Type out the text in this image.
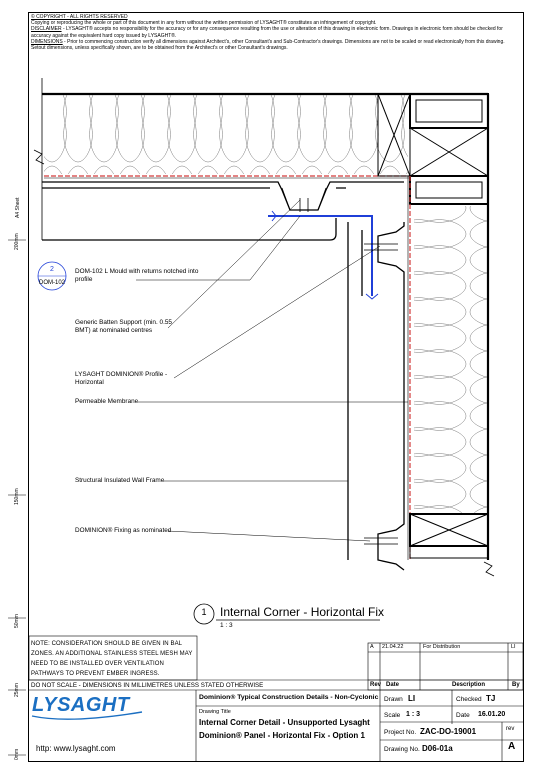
© COPYRIGHT - ALL RIGHTS RESERVED
Copying or reproducing the whole or part of this document in any form without the written permission of LYSAGHT® constitutes an infringement of copyright.
DISCLAIMER - LYSAGHT® accepts no responsibility for the accuracy or for any consequence resulting from the use or alteration of this drawing in electronic form. Drawings in electronic form should be checked for accuracy against the equivalent hard copy issued by LYSAGHT®.
DIMENSIONS - Prior to commencing construction verify all dimensions against Architect's, other Consultant's and Sub-Contractor's drawings. Dimensions are not to be scaled or read electronically from this drawing. Setout dimensions, unless specifically shown, are to be obtained from the Architect's or other Consultant's drawings.
A4 Sheet
200mm
150mm
50mm
25mm
0mm
2
DOM-102
DOM-102 L Mould with returns notched into profile
Generic Batten Support (min. 0.55 BMT) at nominated centres
LYSAGHT DOMINION® Profile - Horizontal
Permeable Membrane
Structural Insulated Wall Frame
DOMINION® Fixing as nominated
1 Internal Corner - Horizontal Fix
1 : 3
NOTE: CONSIDERATION SHOULD BE GIVEN IN BAL ZONES. AN ADDITIONAL STAINLESS STEEL MESH MAY NEED TO BE INSTALLED OVER VENTILATION PATHWAYS TO PREVENT EMBER INGRESS.
A 21.04.22	For Distribution	LI
Rev Date	Description	By
DO NOT SCALE - DIMENSIONS IN MILLIMETRES UNLESS STATED OTHERWISE
LYSAGHT
http: www.lysaght.com
Dominion® Typical Construction Details - Non-Cyclonic
Drawing Title
Internal Corner Detail - Unsupported Lysaght
Dominion® Panel - Horizontal Fix - Option 1
Drawn LI	Checked TJ
Scale 1 : 3	Date 16.01.20
Project No. ZAC-DO-19001	rev
Drawing No. D06-01a	A
